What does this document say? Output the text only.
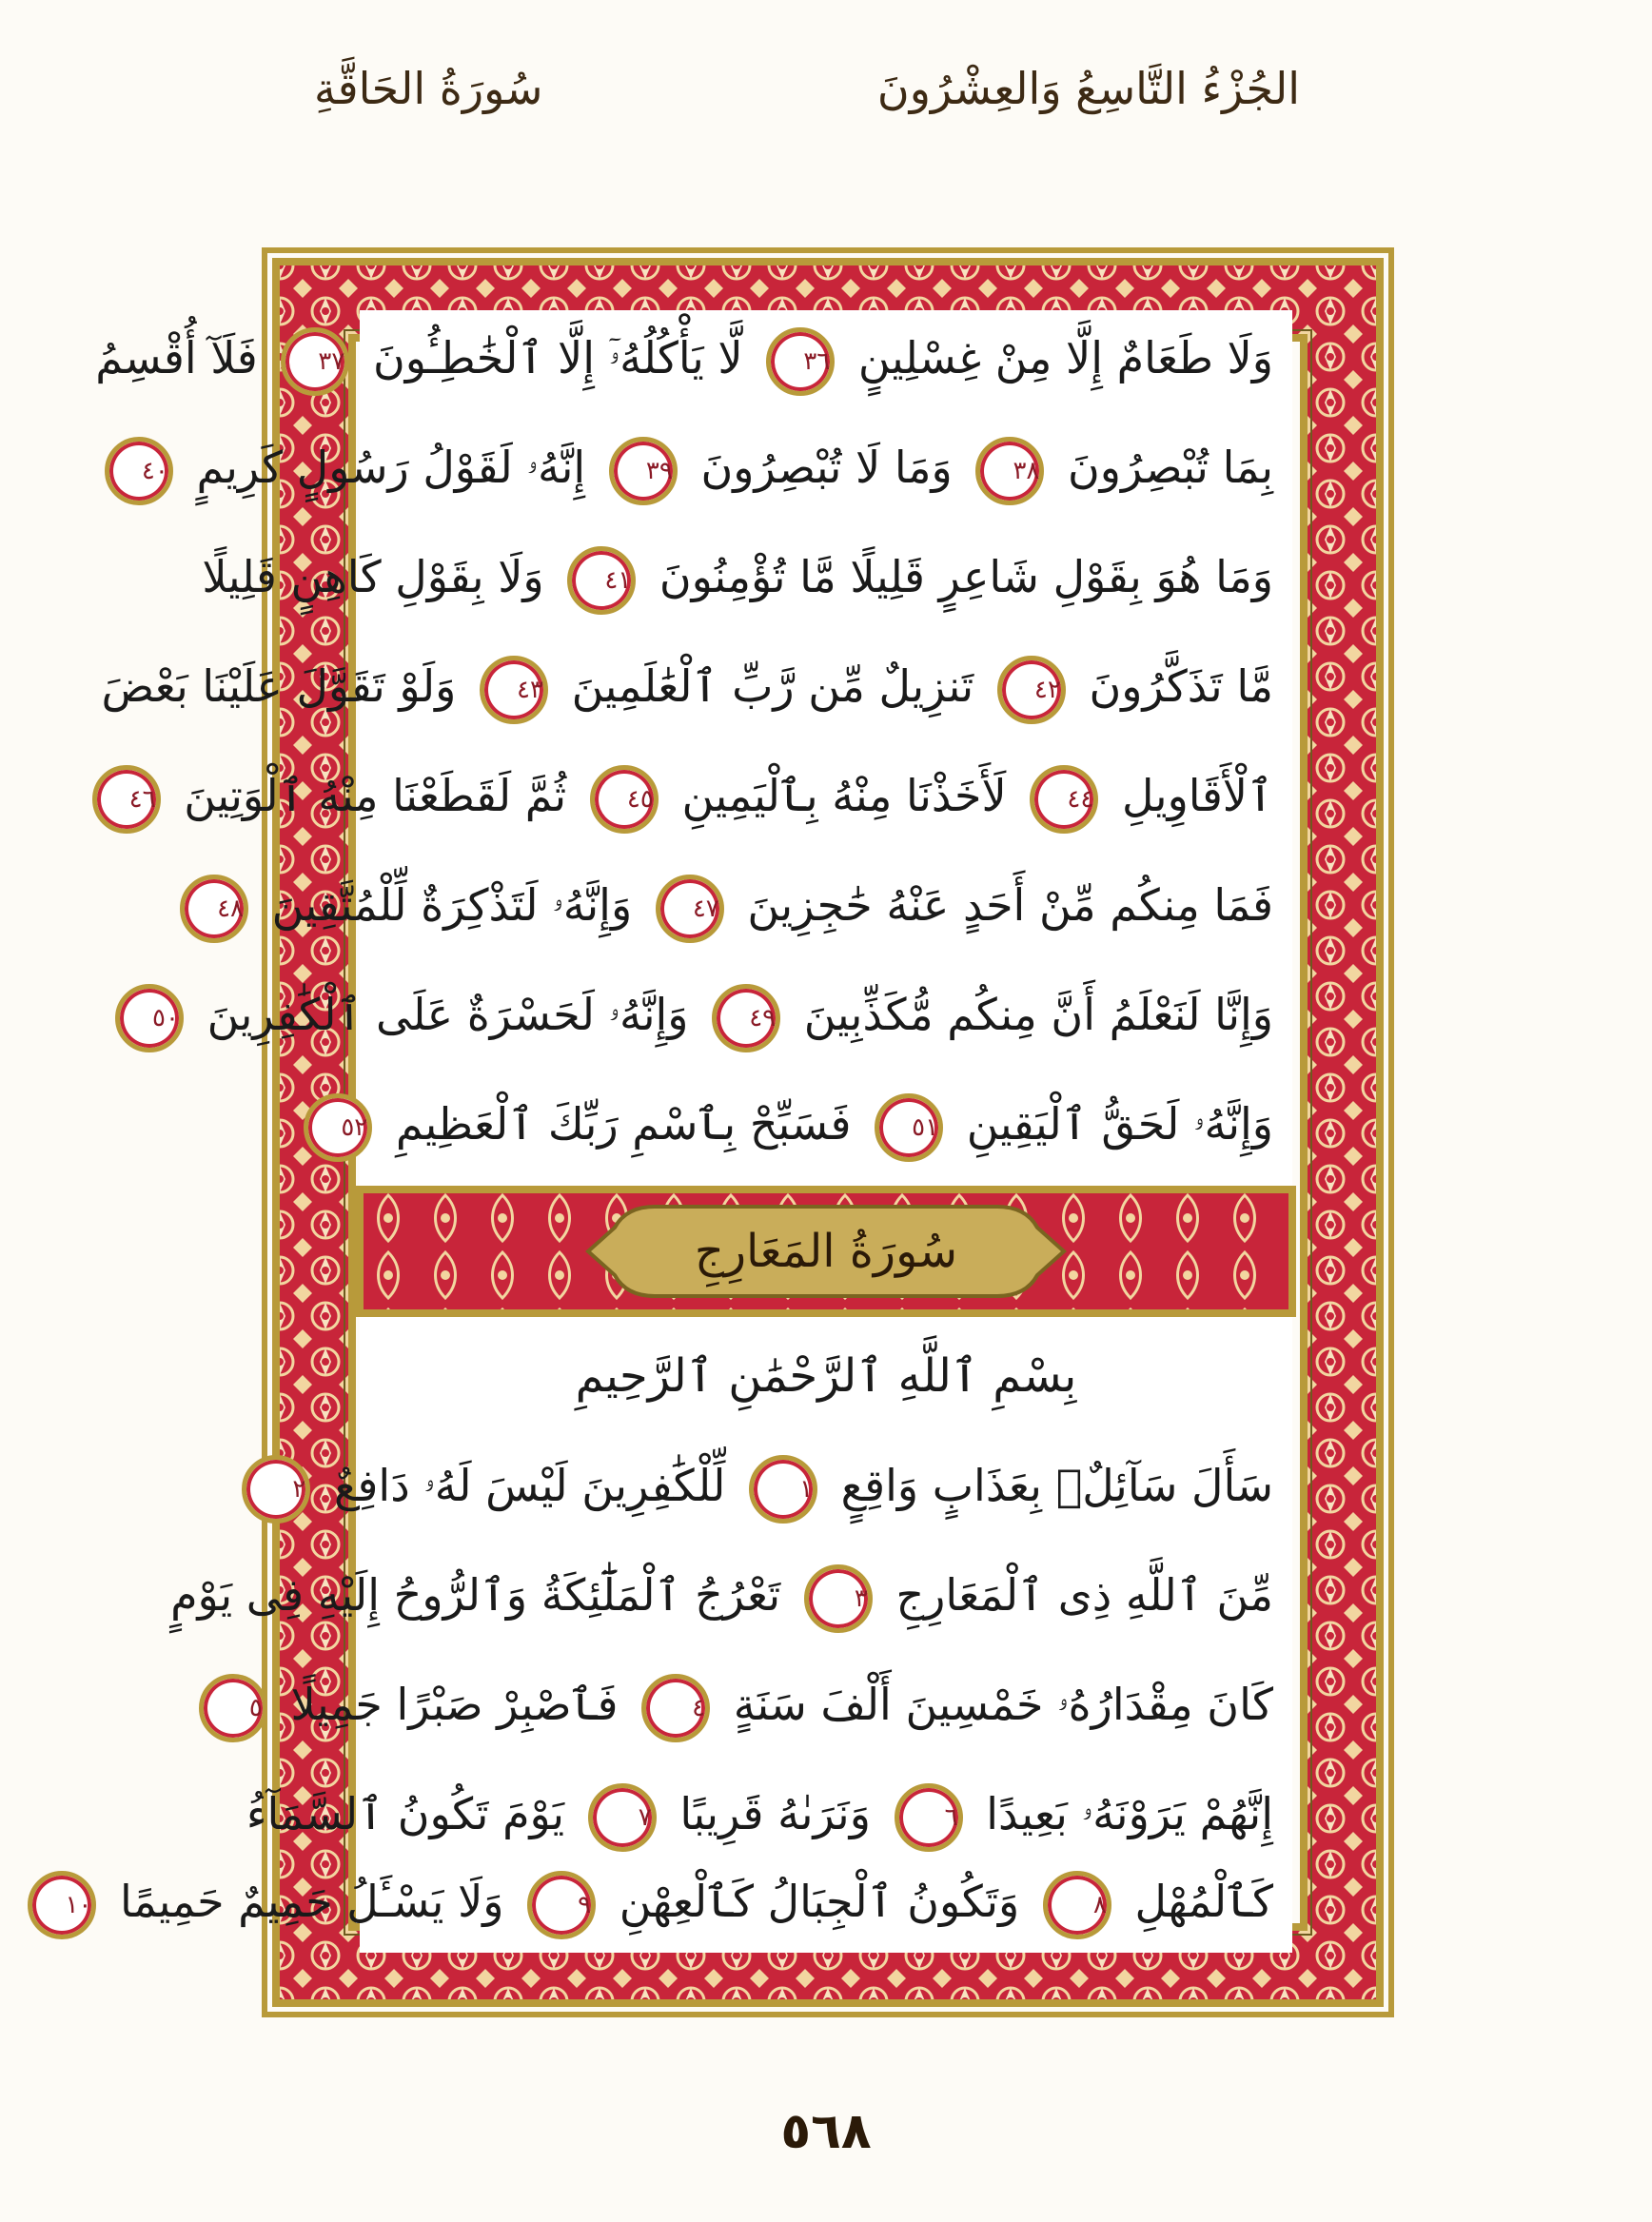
الجُزْءُ التَّاسِعُ وَالعِشْرُونَ
سُورَةُ الحَاقَّةِ
وَلَا طَعَامٌ إِلَّا مِنْ غِسْلِينٍ ٣٦ لَّا يَأْكُلُهُۥٓ إِلَّا ٱلْخَٰطِـُٔونَ ٣٧ فَلَآ أُقْسِمُ
بِمَا تُبْصِرُونَ ٣٨ وَمَا لَا تُبْصِرُونَ ٣٩ إِنَّهُۥ لَقَوْلُ رَسُولٍ كَرِيمٍ ٤٠
وَمَا هُوَ بِقَوْلِ شَاعِرٍ قَلِيلًا مَّا تُؤْمِنُونَ ٤١ وَلَا بِقَوْلِ كَاهِنٍ قَلِيلًا
مَّا تَذَكَّرُونَ ٤٢ تَنزِيلٌ مِّن رَّبِّ ٱلْعَٰلَمِينَ ٤٣ وَلَوْ تَقَوَّلَ عَلَيْنَا بَعْضَ
ٱلْأَقَاوِيلِ ٤٤ لَأَخَذْنَا مِنْهُ بِٱلْيَمِينِ ٤٥ ثُمَّ لَقَطَعْنَا مِنْهُ ٱلْوَتِينَ ٤٦
فَمَا مِنكُم مِّنْ أَحَدٍ عَنْهُ حَٰجِزِينَ ٤٧ وَإِنَّهُۥ لَتَذْكِرَةٌ لِّلْمُتَّقِينَ ٤٨
وَإِنَّا لَنَعْلَمُ أَنَّ مِنكُم مُّكَذِّبِينَ ٤٩ وَإِنَّهُۥ لَحَسْرَةٌ عَلَى ٱلْكَٰفِرِينَ ٥٠
وَإِنَّهُۥ لَحَقُّ ٱلْيَقِينِ ٥١ فَسَبِّحْ بِٱسْمِ رَبِّكَ ٱلْعَظِيمِ ٥٢
بِسْمِ ٱللَّهِ ٱلرَّحْمَٰنِ ٱلرَّحِيمِ
سَأَلَ سَآئِلٌۢ بِعَذَابٍ وَاقِعٍ ١ لِّلْكَٰفِرِينَ لَيْسَ لَهُۥ دَافِعٌ ٢
مِّنَ ٱللَّهِ ذِى ٱلْمَعَارِجِ ٣ تَعْرُجُ ٱلْمَلَٰٓئِكَةُ وَٱلرُّوحُ إِلَيْهِ فِى يَوْمٍ
كَانَ مِقْدَارُهُۥ خَمْسِينَ أَلْفَ سَنَةٍ ٤ فَٱصْبِرْ صَبْرًا جَمِيلًا ٥
إِنَّهُمْ يَرَوْنَهُۥ بَعِيدًا ٦ وَنَرَىٰهُ قَرِيبًا ٧ يَوْمَ تَكُونُ ٱلسَّمَآءُ
كَٱلْمُهْلِ ٨ وَتَكُونُ ٱلْجِبَالُ كَٱلْعِهْنِ ٩ وَلَا يَسْـَٔلُ حَمِيمٌ حَمِيمًا ١٠
سُورَةُ المَعَارِجِ
٥٦٨
